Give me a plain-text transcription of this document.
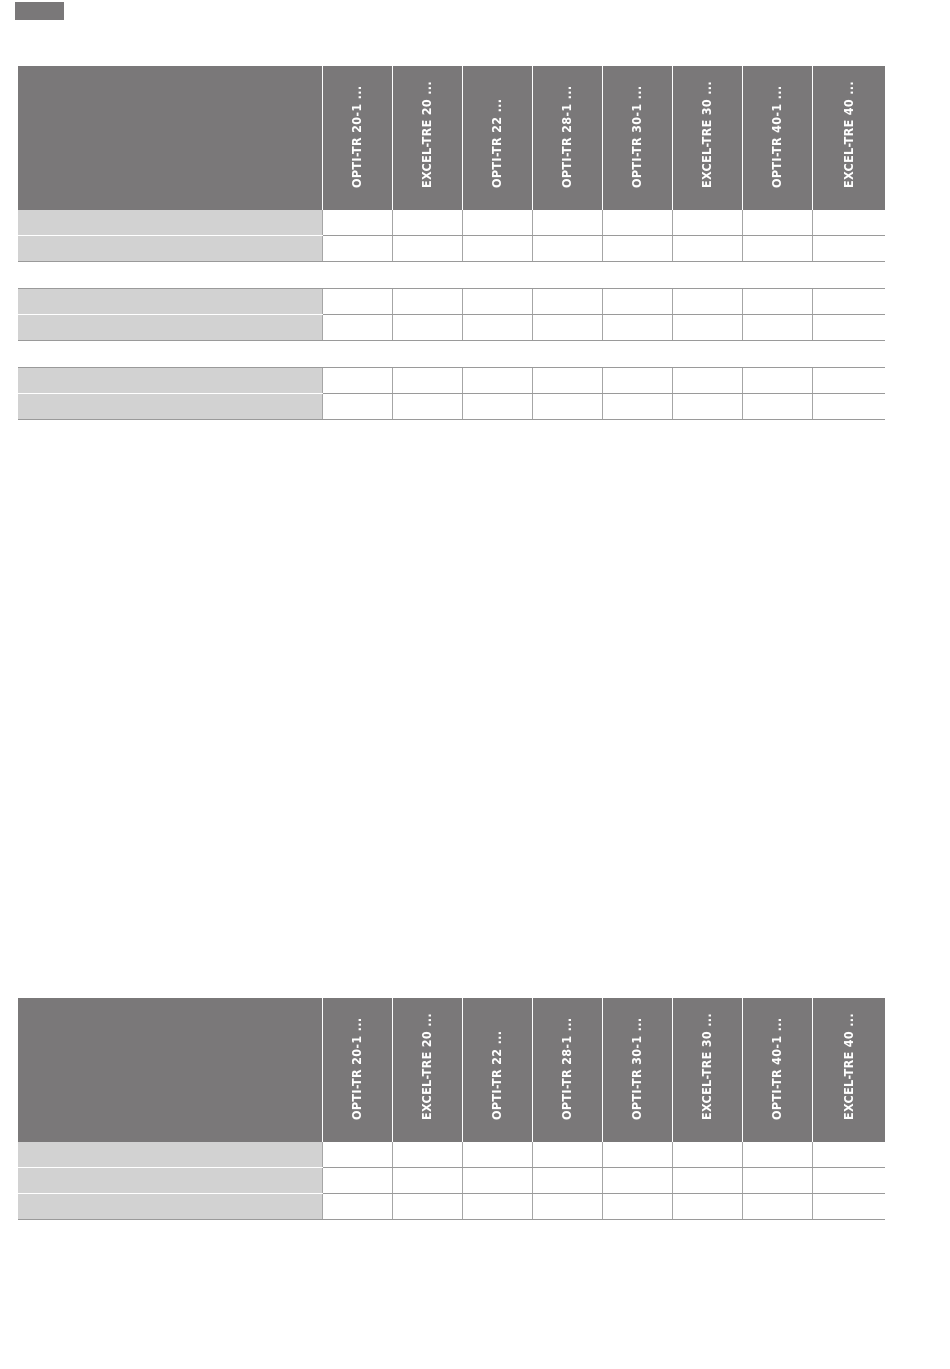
	OPTI-TR 20-1 ...	EXCEL-TRE 20 ...	OPTI-TR 22 ...	OPTI-TR 28-1 ...	OPTI-TR 30-1 ...	EXCEL-TRE 30 ...	OPTI-TR 40-1 ...	EXCEL-TRE 40 ...

	OPTI-TR 20-1 ...	EXCEL-TRE 20 ...	OPTI-TR 22 ...	OPTI-TR 28-1 ...	OPTI-TR 30-1 ...	EXCEL-TRE 30 ...	OPTI-TR 40-1 ...	EXCEL-TRE 40 ...
